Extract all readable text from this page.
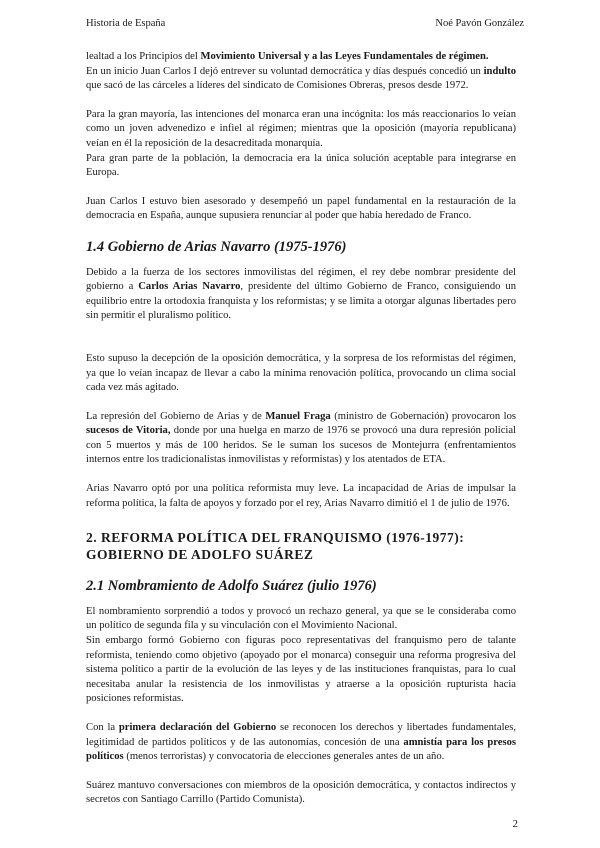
Historia de España	Noé Pavón González

lealtad a los Principios del Movimiento Universal y a las Leyes Fundamentales de régimen.

En un inicio Juan Carlos I dejó entrever su voluntad democrática y días después concedió un indulto que sacó de las cárceles a líderes del sindicato de Comisiones Obreras, presos desde 1972.

Para la gran mayoría, las intenciones del monarca eran una incógnita: los más reaccionarios lo veían como un joven advenedizo e infiel al régimen; mientras que la oposición (mayoría republicana) veían en él la reposición de la desacreditada monarquía.

Para gran parte de la población, la democracia era la única solución aceptable para integrarse en Europa.

Juan Carlos I estuvo bien asesorado y desempeñó un papel fundamental en la restauración de la democracia en España, aunque supusiera renunciar al poder que había heredado de Franco.

1.4 Gobierno de Arias Navarro (1975-1976)

Debido a la fuerza de los sectores inmovilistas del régimen, el rey debe nombrar presidente del gobierno a Carlos Arias Navarro, presidente del último Gobierno de Franco, consiguiendo un equilibrio entre la ortodoxia franquista y los reformistas; y se limita a otorgar algunas libertades pero sin permitir el pluralismo político.

Esto supuso la decepción de la oposición democrática, y la sorpresa de los reformistas del régimen, ya que lo veían incapaz de llevar a cabo la mínima renovación política, provocando un clima social cada vez más agitado.

La represión del Gobierno de Arias y de Manuel Fraga (ministro de Gobernación) provocaron los sucesos de Vitoria, donde por una huelga en marzo de 1976 se provocó una dura represión policial con 5 muertos y más de 100 heridos. Se le suman los sucesos de Montejurra (enfrentamientos internos entre los tradicionalistas inmovilistas y reformistas) y los atentados de ETA.

Arias Navarro optó por una política reformista muy leve. La incapacidad de Arias de impulsar la reforma política, la falta de apoyos y forzado por el rey, Arias Navarro dimitió el 1 de julio de 1976.

2. REFORMA POLÍTICA DEL FRANQUISMO (1976-1977): GOBIERNO DE ADOLFO SUÁREZ
2.1 Nombramiento de Adolfo Suárez (julio 1976)

El nombramiento sorprendió a todos y provocó un rechazo general, ya que se le consideraba como un político de segunda fila y su vinculación con el Movimiento Nacional.

Sin embargo formó Gobierno con figuras poco representativas del franquismo pero de talante reformista, teniendo como objetivo (apoyado por el monarca) conseguir una reforma progresiva del sistema político a partir de la evolución de las leyes y de las instituciones franquistas, para lo cual necesitaba anular la resistencia de los inmovilistas y atraerse a la oposición rupturista hacia posiciones reformistas.

Con la primera declaración del Gobierno se reconocen los derechos y libertades fundamentales, legitimidad de partidos políticos y de las autonomías, concesión de una amnistía para los presos políticos (menos terroristas) y convocatoria de elecciones generales antes de un año.

Suárez mantuvo conversaciones con miembros de la oposición democrática, y contactos indirectos y secretos con Santiago Carrillo (Partido Comunista).

2
